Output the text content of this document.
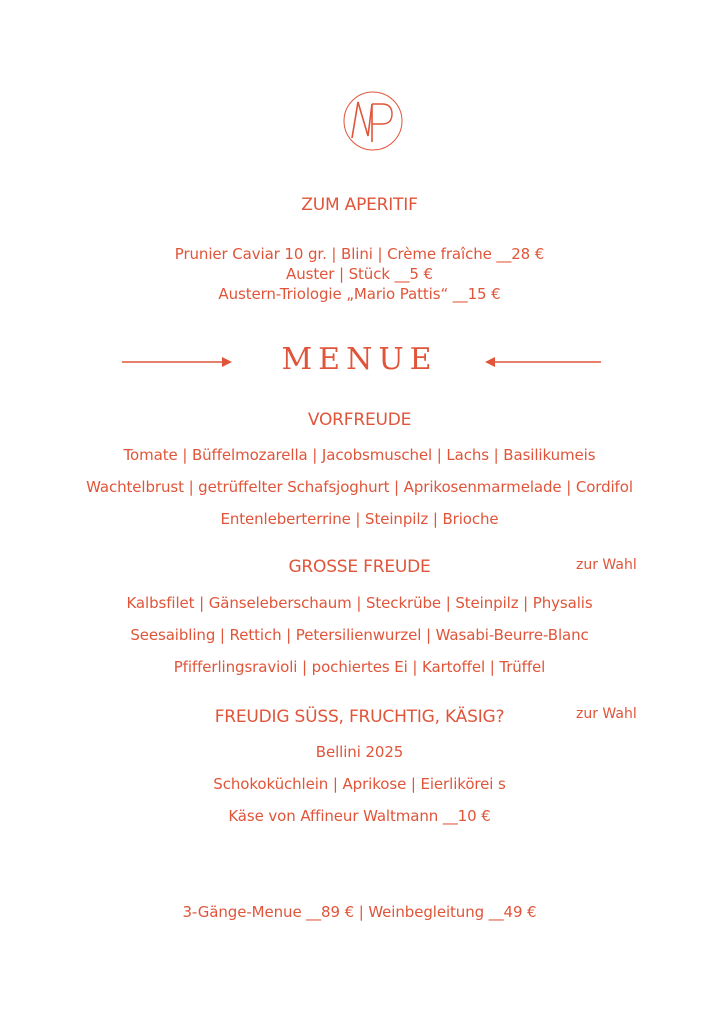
ZUM APERITIF
Prunier Caviar 10 gr. | Blini | Crème fraîche __28 €
Auster | Stück __5 €
Austern-Triologie „Mario Pattis“ __15 €
MENUE
VORFREUDE
Tomate | Büffelmozarella | Jacobsmuschel | Lachs | Basilikumeis
Wachtelbrust | getrüffelter Schafsjoghurt | Aprikosenmarmelade | Cordifol
Entenleberterrine | Steinpilz | Brioche
GROSSE FREUDE	zur Wahl
Kalbsfilet | Gänseleberschaum | Steckrübe | Steinpilz | Physalis
Seesaibling | Rettich | Petersilienwurzel | Wasabi-Beurre-Blanc
Pfifferlingsravioli | pochiertes Ei | Kartoffel | Trüffel
FREUDIG SÜSS, FRUCHTIG, KÄSIG?	zur Wahl
Bellini 2025
Schokoküchlein | Aprikose | Eierlikörei s
Käse von Affineur Waltmann __10 €
3-Gänge-Menue __89 € | Weinbegleitung __49 €
